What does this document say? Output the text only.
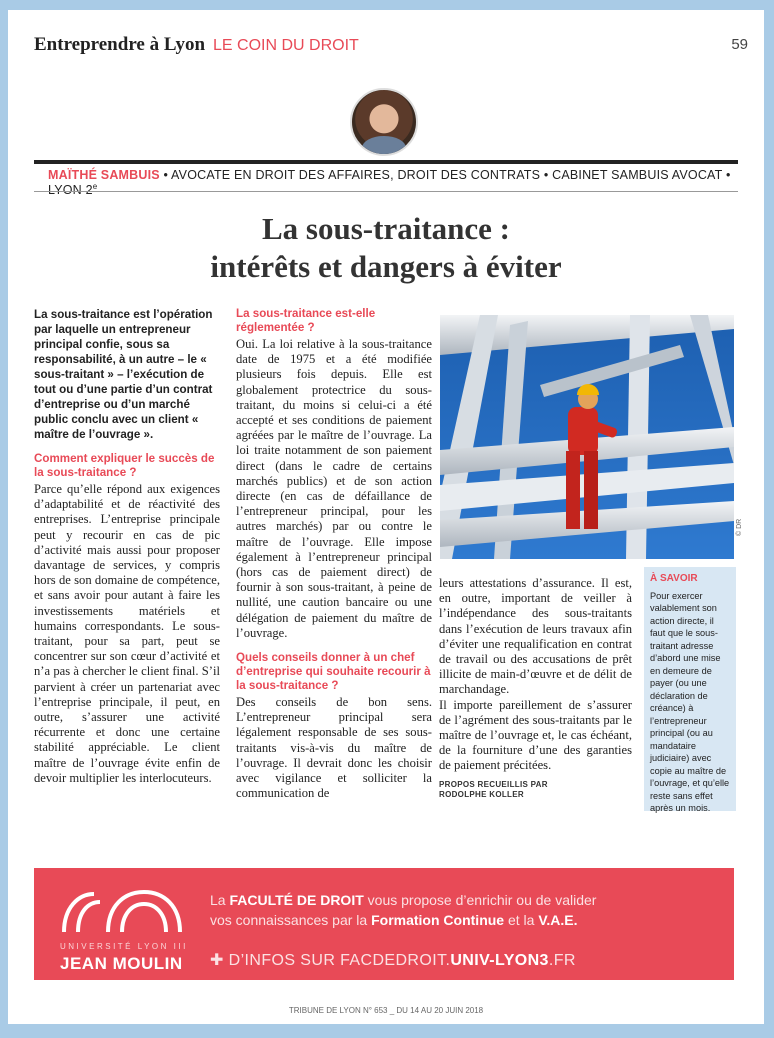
Entreprendre à Lyon LE COIN DU DROIT	59
MAÏTHÉ SAMBUIS • AVOCATE EN DROIT DES AFFAIRES, DROIT DES CONTRATS • CABINET SAMBUIS AVOCAT • $^e$
La sous-traitance :
intérêts et dangers à éviter

La sous-traitance est l’opération par laquelle un entrepreneur principal confie, sous sa responsabilité, à un autre – le « sous-traitant » – l’exécution de tout ou d’une partie d’un contrat d’entreprise ou d’un marché public conclu avec un client « maître de l’ouvrage ».

Comment expliquer le succès de la sous-traitance ?

Parce qu’elle répond aux exigences d’adaptabilité et de réactivité des entreprises. L’entreprise principale peut y recourir en cas de pic d’activité mais aussi pour proposer davantage de services, y compris hors de son domaine de compétence, et sans avoir pour autant à faire les investissements matériels et humains correspondants. Le sous-traitant, pour sa part, peut se concentrer sur son cœur d’activité et n’a pas à chercher le client final. S’il parvient à créer un partenariat avec l’entreprise principale, il peut, en outre, s’assurer une activité récurrente et donc une certaine stabilité appréciable. Le client maître de l’ouvrage évite enfin de devoir multiplier les interlocuteurs.

La sous-traitance est-elle réglementée ?

Oui. La loi relative à la sous-traitance date de 1975 et a été modifiée plusieurs fois depuis. Elle est globalement protectrice du sous-traitant, du moins si celui-ci a été accepté et ses conditions de paiement agréées par le maître de l’ouvrage. La loi traite notamment de son paiement direct (dans le cadre de certains marchés publics) et de son action directe (en cas de défaillance de l’entrepreneur principal, pour les autres marchés) par ou contre le maître de l’ouvrage. Elle impose également à l’entrepreneur principal (hors cas de paiement direct) de fournir à son sous-traitant, à peine de nullité, une caution bancaire ou une délégation de paiement du maître de l’ouvrage.

Quels conseils donner à un chef d’entreprise qui souhaite recourir à la sous-traitance ?

Des conseils de bon sens. L’entrepreneur principal sera légalement responsable de ses sous-traitants vis-à-vis du maître de l’ouvrage. Il devrait donc les choisir avec vigilance et solliciter la communication de

© DR

leurs attestations d’assurance. Il est, en outre, important de veiller à l’indépendance des sous-traitants dans l’exécution de leurs travaux afin d’éviter une requalification en contrat de travail ou des accusations de prêt illicite de main-d’œuvre et de délit de marchandage.

Il importe pareillement de s’assurer de l’agrément des sous-traitants par le maître de l’ouvrage et, le cas échéant, de la fourniture d’une des garanties de paiement précitées.

PROPOS RECUEILLIS PAR
RODOLPHE KOLLER
À SAVOIR
Pour exercer valablement son action directe, il faut que le sous-traitant adresse d’abord une mise en demeure de payer (ou une déclaration de créance) à l’entrepreneur principal (ou au mandataire judiciaire) avec copie au maître de l’ouvrage, et qu’elle reste sans effet après un mois.
UNIVERSITÉ LYON III
JEAN MOULIN
La FACULTÉ DE DROIT vous propose d’enrichir ou de valider
vos connaissances par la Formation Continue et la V.A.E.
✚ D’INFOS SUR FACDEDROIT.UNIV-LYON3.FR
TRIBUNE DE LYON N° 653 _ DU 14 AU 20 JUIN 2018
